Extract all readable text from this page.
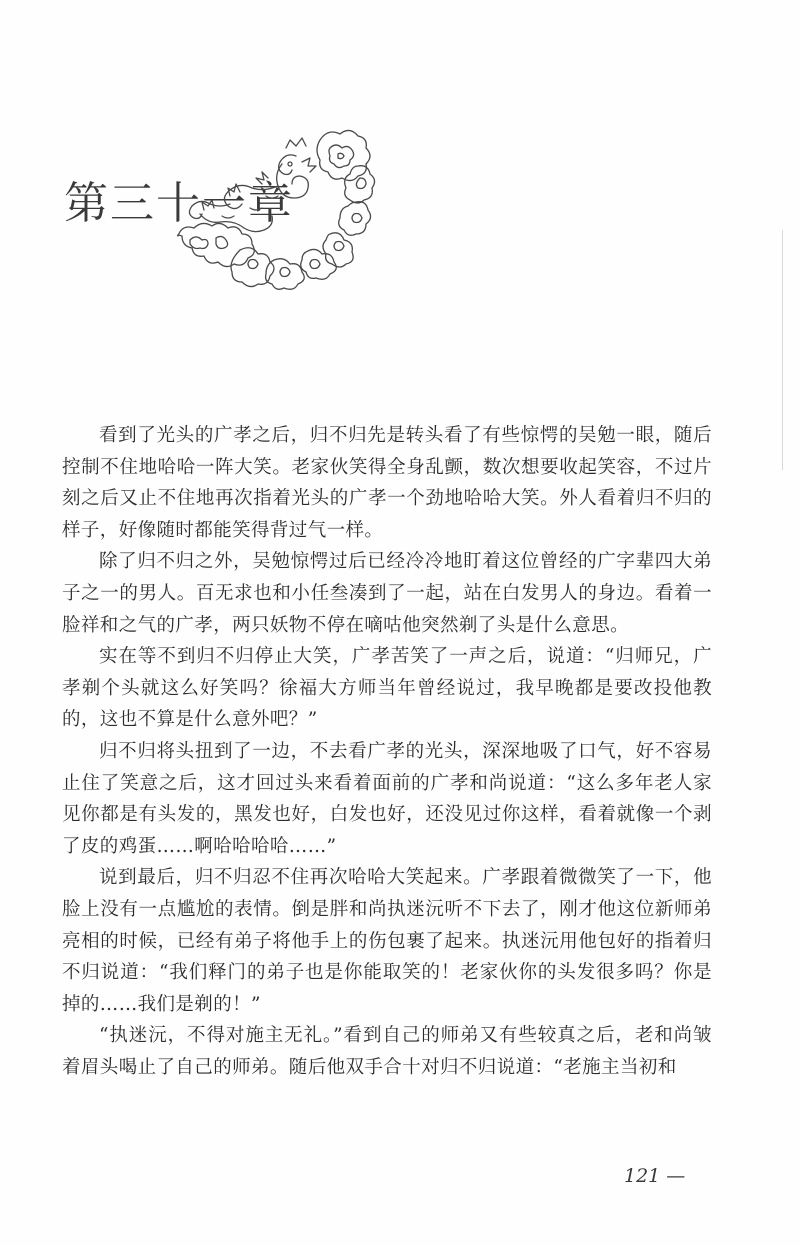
第三十一章

看到了光头的广孝之后，归不归先是转头看了有些惊愕的吴勉一眼，随后控制不住地哈哈一阵大笑。老家伙笑得全身乱颤，数次想要收起笑容，不过片刻之后又止不住地再次指着光头的广孝一个劲地哈哈大笑。外人看着归不归的样子，好像随时都能笑得背过气一样。

除了归不归之外，吴勉惊愕过后已经冷冷地盯着这位曾经的广字辈四大弟子之一的男人。百无求也和小任叁凑到了一起，站在白发男人的身边。看着一脸祥和之气的广孝，两只妖物不停在嘀咕他突然剃了头是什么意思。

实在等不到归不归停止大笑，广孝苦笑了一声之后，说道：“归师兄，广孝剃个头就这么好笑吗？徐福大方师当年曾经说过，我早晚都是要改投他教的，这也不算是什么意外吧？”

归不归将头扭到了一边，不去看广孝的光头，深深地吸了口气，好不容易止住了笑意之后，这才回过头来看着面前的广孝和尚说道：“这么多年老人家见你都是有头发的，黑发也好，白发也好，还没见过你这样，看着就像一个剥了皮的鸡蛋……啊哈哈哈哈……”

说到最后，归不归忍不住再次哈哈大笑起来。广孝跟着微微笑了一下，他脸上没有一点尴尬的表情。倒是胖和尚执迷沅听不下去了，刚才他这位新师弟亮相的时候，已经有弟子将他手上的伤包裹了起来。执迷沅用他包好的指着归不归说道：“我们释门的弟子也是你能取笑的！老家伙你的头发很多吗？你是掉的……我们是剃的！”

“执迷沅，不得对施主无礼。”看到自己的师弟又有些较真之后，老和尚皱着眉头喝止了自己的师弟。随后他双手合十对归不归说道：“老施主当初和

121 —
